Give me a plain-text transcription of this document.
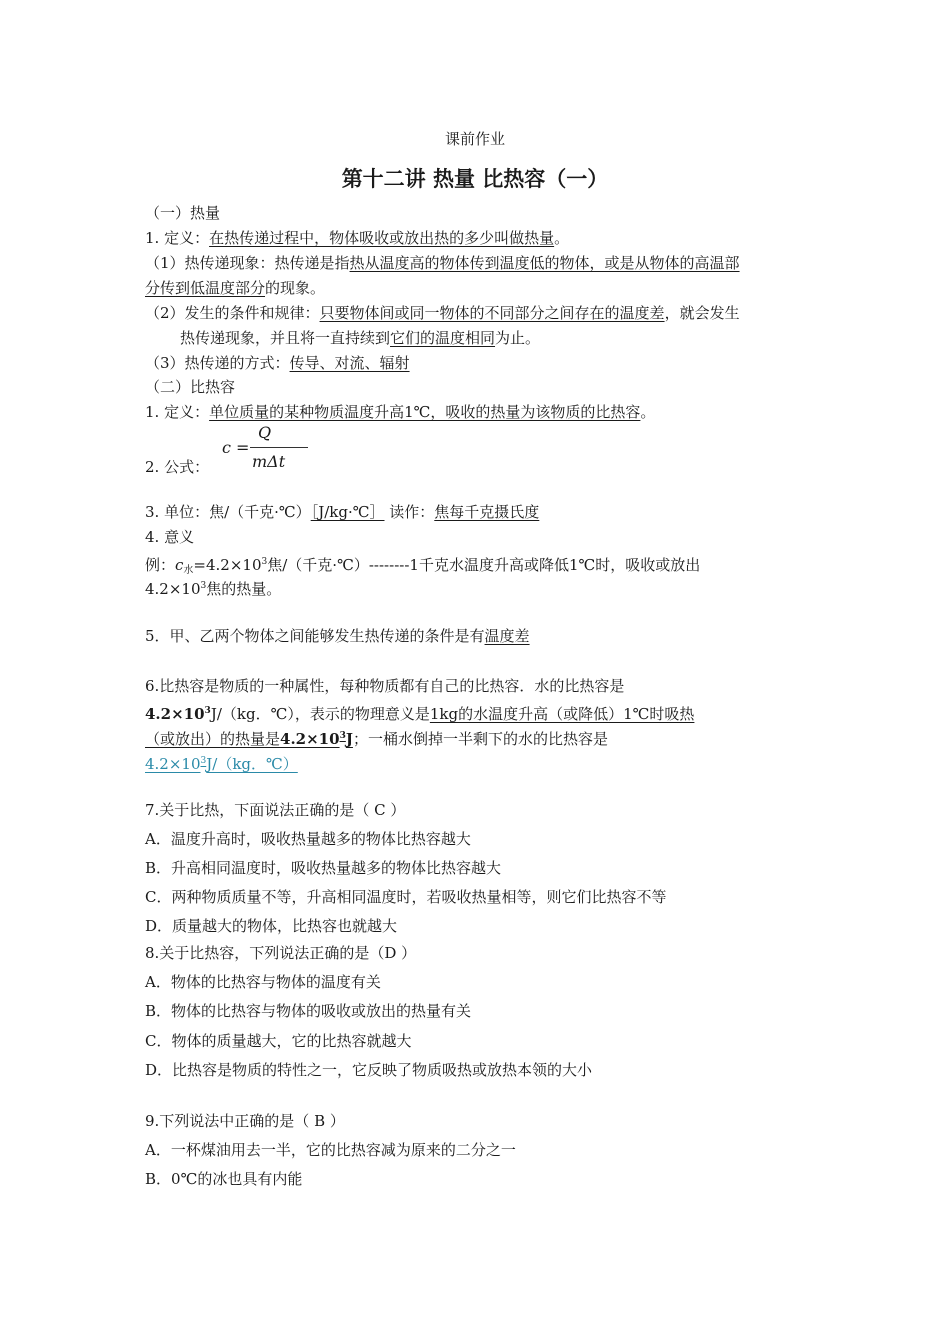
课前作业
第十二讲 热量 比热容（一）
（一）热量
1. 定义：在热传递过程中，物体吸收或放出热的多少叫做热量。
（1）热传递现象：热传递是指热从温度高的物体传到温度低的物体，或是从物体的高温部
分传到低温度部分的现象。
（2）发生的条件和规律：只要物体间或同一物体的不同部分之间存在的温度差，就会发生
热传递现象，并且将一直持续到它们的温度相同为止。
（3）热传递的方式：传导、对流、辐射
（二）比热容
1. 定义：单位质量的某种物质温度升高1℃，吸收的热量为该物质的比热容。
c =
Q
mΔt
2. 公式：
3. 单位：焦/（千克·℃）［J/kg·℃］ 读作：焦每千克摄氏度
4. 意义
例：$c_水=4.2\times 10^3$焦/（千克·℃）--------1千克水温度升高或降低1℃时，吸收或放出
$4.2\times 10^3$焦的热量。
5．甲、乙两个物体之间能够发生热传递的条件是有温度差
6.比热容是物质的一种属性，每种物质都有自己的比热容．水的比热容是
$4.2\times 10^3J/(kg$．℃），表示的物理意义是1kg的水温度升高（或降低）1℃时吸热
（或放出）的热量是$4.2\times 10^3J$；一桶水倒掉一半剩下的水的比热容是
$4.2\times 10^3J/(kg$．℃）
7.关于比热，下面说法正确的是（ C ）
A．温度升高时，吸收热量越多的物体比热容越大
B．升高相同温度时，吸收热量越多的物体比热容越大
C．两种物质质量不等，升高相同温度时，若吸收热量相等，则它们比热容不等
D．质量越大的物体，比热容也就越大
8.关于比热容，下列说法正确的是（D ）
A．物体的比热容与物体的温度有关
B．物体的比热容与物体的吸收或放出的热量有关
C．物体的质量越大，它的比热容就越大
D．比热容是物质的特性之一，它反映了物质吸热或放热本领的大小
9.下列说法中正确的是（ B ）
A．一杯煤油用去一半，它的比热容减为原来的二分之一
B．0℃的冰也具有内能
